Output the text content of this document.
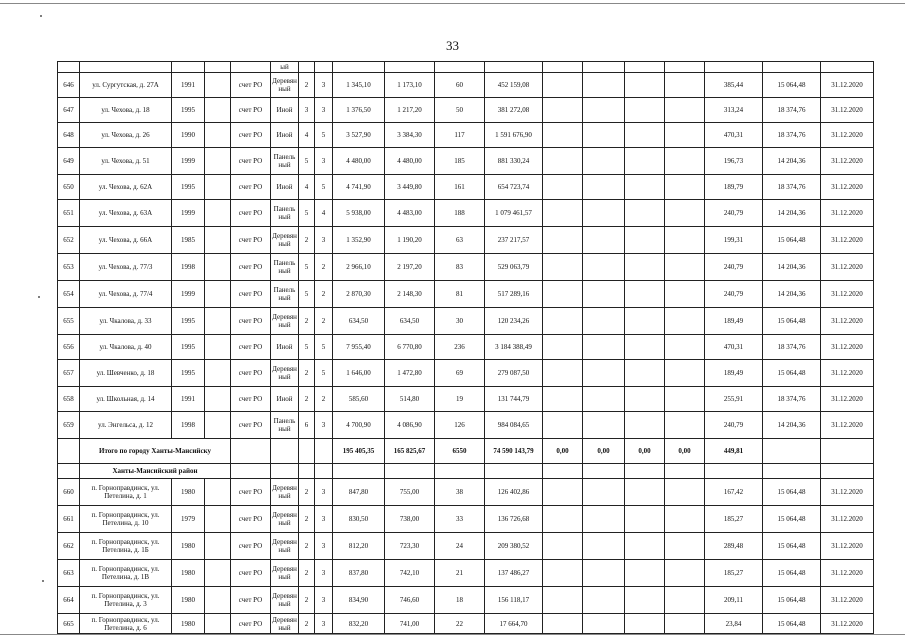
33
					ый													
646	ул. Сургутская, д. 27А	1991		счет РО	Деревянный	2	3	1 345,10	1 173,10	60	452 159,08					385,44	15 064,48	31.12.2020
647	ул. Чехова, д. 18	1995		счет РО	Иной	3	3	1 376,50	1 217,20	50	381 272,08					313,24	18 374,76	31.12.2020
648	ул. Чехова, д. 26	1990		счет РО	Иной	4	5	3 527,90	3 384,30	117	1 591 676,90					470,31	18 374,76	31.12.2020
649	ул. Чехова, д. 51	1999		счет РО	Панельный	5	3	4 480,00	4 480,00	185	881 330,24					196,73	14 204,36	31.12.2020
650	ул. Чехова, д. 62А	1995		счет РО	Иной	4	5	4 741,90	3 449,80	161	654 723,74					189,79	18 374,76	31.12.2020
651	ул. Чехова, д. 63А	1999		счет РО	Панельный	5	4	5 938,00	4 483,00	188	1 079 461,57					240,79	14 204,36	31.12.2020
652	ул. Чехова, д. 66А	1985		счет РО	Деревянный	2	3	1 352,90	1 190,20	63	237 217,57					199,31	15 064,48	31.12.2020
653	ул. Чехова, д. 77/3	1998		счет РО	Панельный	5	2	2 966,10	2 197,20	83	529 063,79					240,79	14 204,36	31.12.2020
654	ул. Чехова, д. 77/4	1999		счет РО	Панельный	5	2	2 870,30	2 148,30	81	517 289,16					240,79	14 204,36	31.12.2020
655	ул. Чкалова, д. 33	1995		счет РО	Деревянный	2	2	634,50	634,50	30	120 234,26					189,49	15 064,48	31.12.2020
656	ул. Чкалова, д. 40	1995		счет РО	Иной	5	5	7 955,40	6 770,80	236	3 184 388,49					470,31	18 374,76	31.12.2020
657	ул. Шевченко, д. 18	1995		счет РО	Деревянный	2	5	1 646,00	1 472,80	69	279 087,50					189,49	15 064,48	31.12.2020
658	ул. Школьная, д. 14	1991		счет РО	Иной	2	2	585,60	514,80	19	131 744,79					255,91	18 374,76	31.12.2020
659	ул. Энгельса, д. 12	1998		счет РО	Панельный	6	3	4 700,90	4 086,90	126	984 084,65					240,79	14 204,36	31.12.2020
	Итого по городу Ханты-Мансийску							195 405,35	165 825,67	6550	74 590 143,79	0,00	0,00	0,00	0,00	449,81		
	Ханты-Мансийский район																	
660	п. Горноправдинск, ул. Петелина, д. 1	1980		счет РО	Деревянный	2	3	847,80	755,00	38	126 402,86					167,42	15 064,48	31.12.2020
661	п. Горноправдинск, ул. Петелина, д. 10	1979		счет РО	Деревянный	2	3	830,50	738,00	33	136 726,68					185,27	15 064,48	31.12.2020
662	п. Горноправдинск, ул. Петелина, д. 1Б	1980		счет РО	Деревянный	2	3	812,20	723,30	24	209 380,52					289,48	15 064,48	31.12.2020
663	п. Горноправдинск, ул. Петелина, д. 1В	1980		счет РО	Деревянный	2	3	837,80	742,10	21	137 486,27					185,27	15 064,48	31.12.2020
664	п. Горноправдинск, ул. Петелина, д. 3	1980		счет РО	Деревянный	2	3	834,90	746,60	18	156 118,17					209,11	15 064,48	31.12.2020
665	п. Горноправдинск, ул. Петелина, д. 6	1980		счет РО	Деревянный	2	3	832,20	741,00	22	17 664,70					23,84	15 064,48	31.12.2020
